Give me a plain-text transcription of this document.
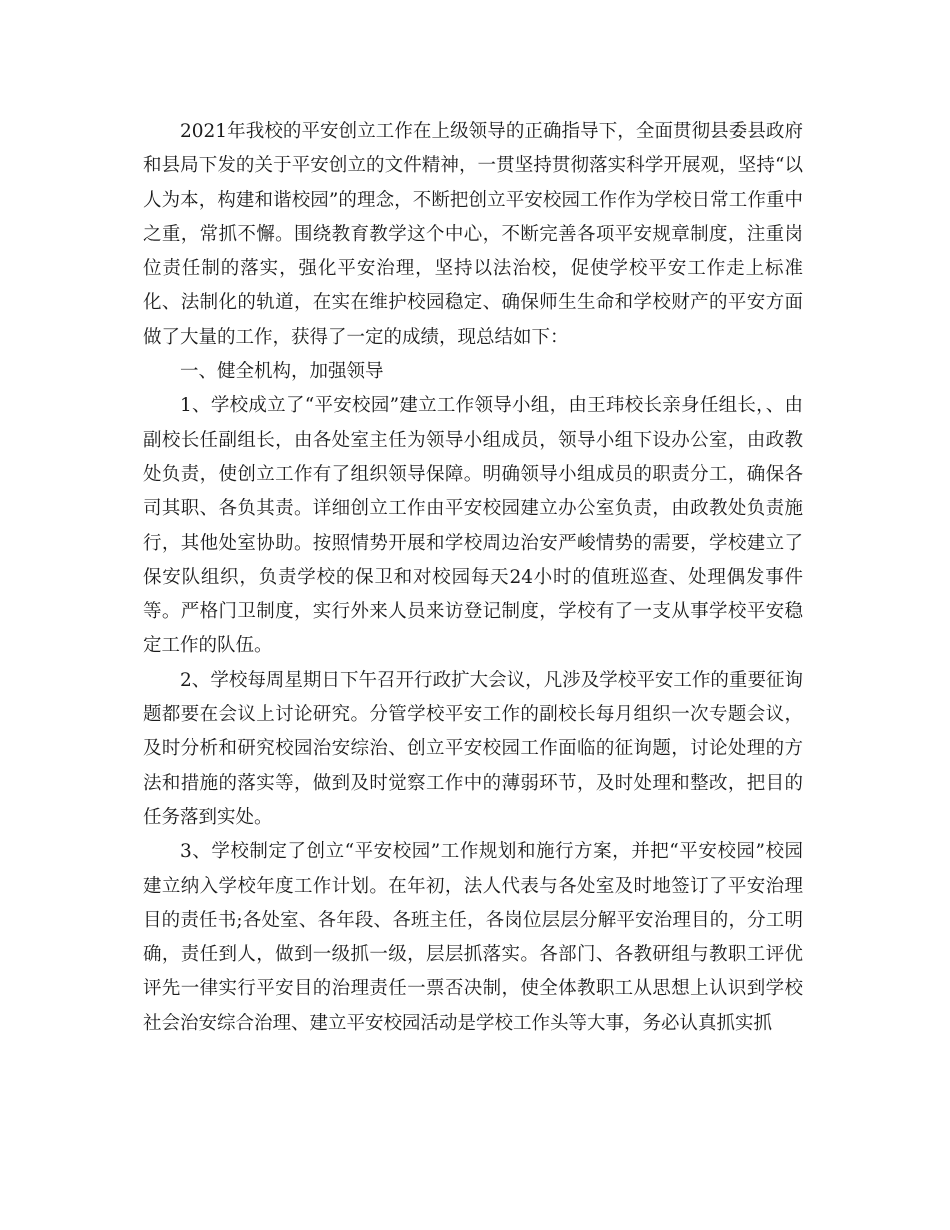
2021年我校的平安创立工作在上级领导的正确指导下，全面贯彻县委县政府和县局下发的关于平安创立的文件精神，一贯坚持贯彻落实科学开展观，坚持“以人为本，构建和谐校园”的理念，不断把创立平安校园工作作为学校日常工作重中之重，常抓不懈。围绕教育教学这个中心，不断完善各项平安规章制度，注重岗位责任制的落实，强化平安治理，坚持以法治校，促使学校平安工作走上标准化、法制化的轨道，在实在维护校园稳定、确保师生生命和学校财产的平安方面做了大量的工作，获得了一定的成绩，现总结如下：

一、健全机构，加强领导

1、学校成立了“平安校园”建立工作领导小组，由王玮校长亲身任组长，、由副校长任副组长，由各处室主任为领导小组成员，领导小组下设办公室，由政教处负责，使创立工作有了组织领导保障。明确领导小组成员的职责分工，确保各司其职、各负其责。详细创立工作由平安校园建立办公室负责，由政教处负责施行，其他处室协助。按照情势开展和学校周边治安严峻情势的需要，学校建立了保安队组织，负责学校的保卫和对校园每天24小时的值班巡查、处理偶发事件等。严格门卫制度，实行外来人员来访登记制度，学校有了一支从事学校平安稳定工作的队伍。

2、学校每周星期日下午召开行政扩大会议，凡涉及学校平安工作的重要征询题都要在会议上讨论研究。分管学校平安工作的副校长每月组织一次专题会议，及时分析和研究校园治安综治、创立平安校园工作面临的征询题，讨论处理的方法和措施的落实等，做到及时觉察工作中的薄弱环节，及时处理和整改，把目的任务落到实处。

3、学校制定了创立“平安校园”工作规划和施行方案，并把“平安校园”校园建立纳入学校年度工作计划。在年初，法人代表与各处室及时地签订了平安治理目的责任书;各处室、各年段、各班主任，各岗位层层分解平安治理目的，分工明确，责任到人，做到一级抓一级，层层抓落实。各部门、各教研组与教职工评优评先一律实行平安目的治理责任一票否决制，使全体教职工从思想上认识到学校社会治安综合治理、建立平安校园活动是学校工作头等大事，务必认真抓实抓
